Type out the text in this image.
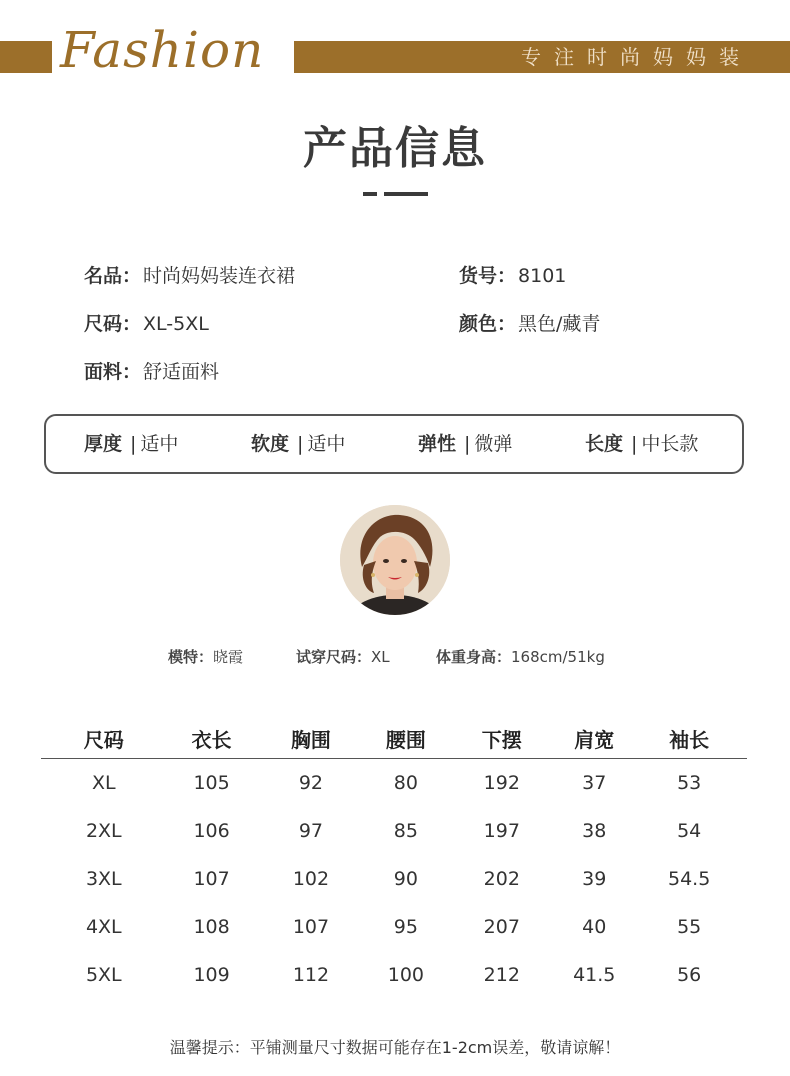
Fashion	专注时尚妈妈装
产品信息
名品： 时尚妈妈装连衣裙	货号： 8101
尺码： XL-5XL	颜色： 黑色/藏青
面料： 舒适面料
厚度 | 适中	软度 | 适中	弹性 | 微弹	长度 | 中长款
模特：晓霞	试穿尺码：XL	体重身高：168cm/51kg
尺码	衣长	胸围	腰围	下摆	肩宽	袖长
XL	105	92	80	192	37	53
2XL	106	97	85	197	38	54
3XL	107	102	90	202	39	54.5
4XL	108	107	95	207	40	55
5XL	109	112	100	212	41.5	56
温馨提示：平铺测量尺寸数据可能存在1-2cm误差，敬请谅解！
